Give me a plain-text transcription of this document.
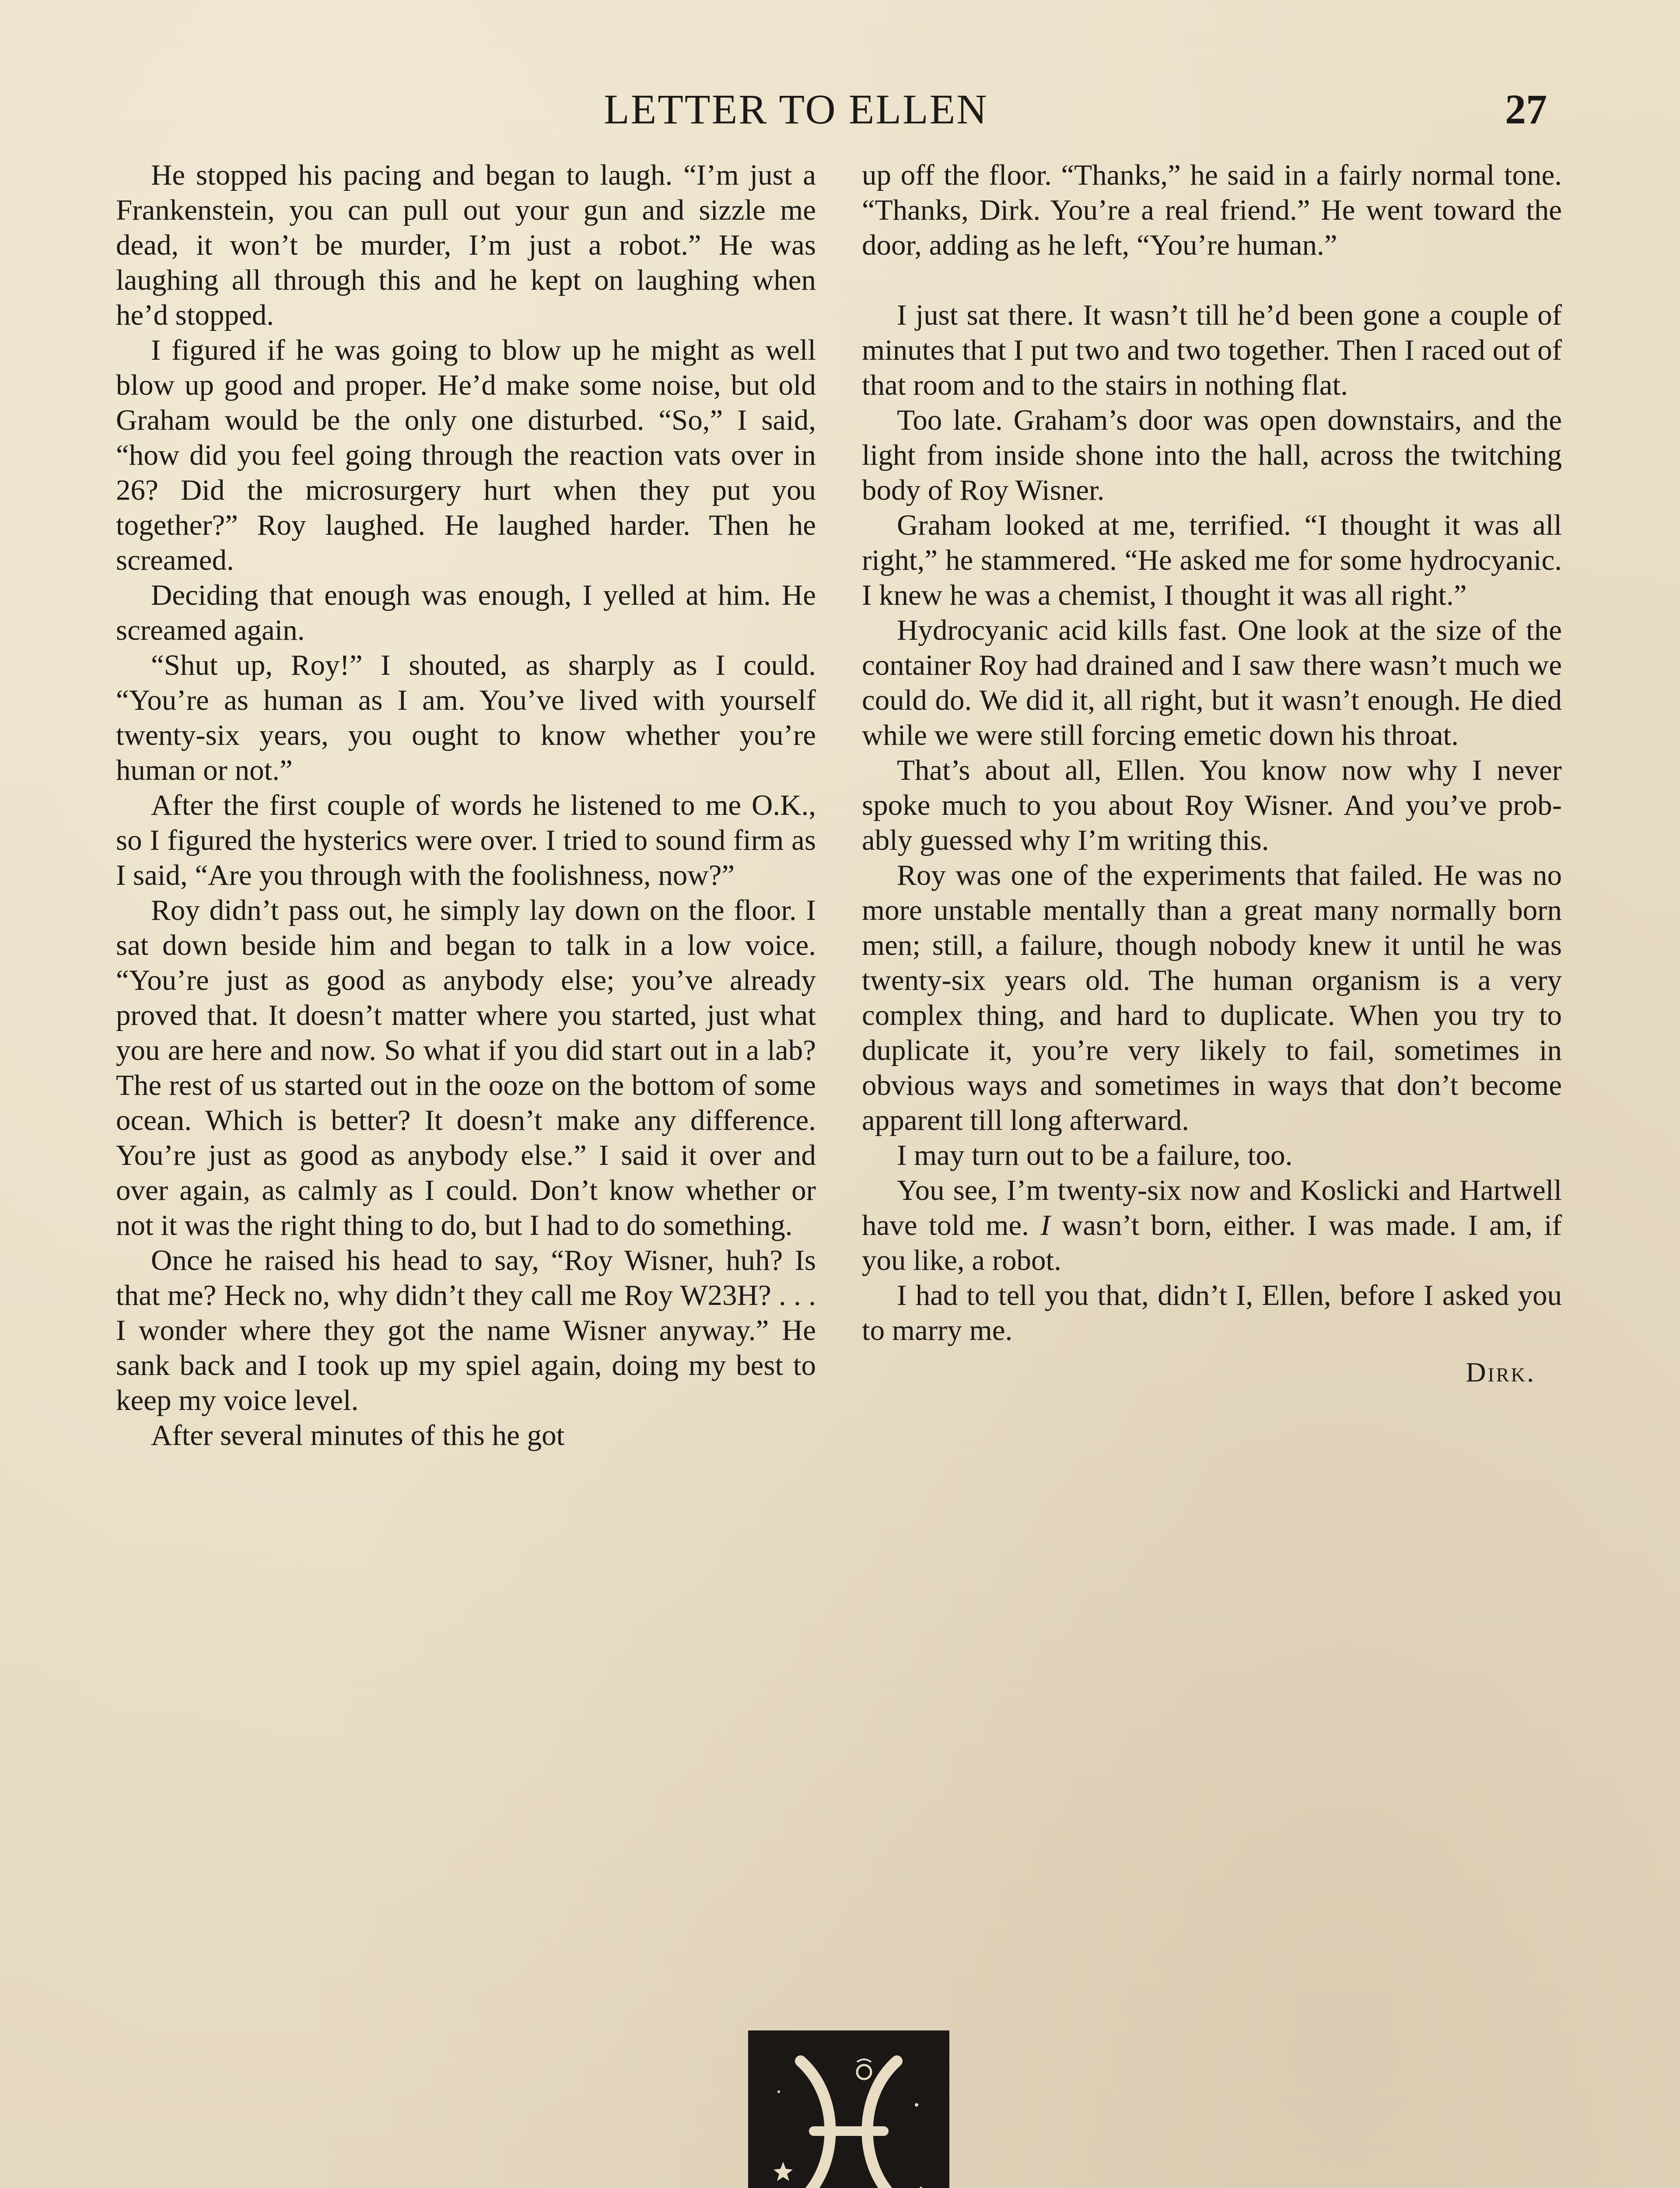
LETTER TO ELLEN	27

He stopped his pacing and began to laugh. “I’m just a Frankenstein, you can pull out your gun and sizzle me dead, it won’t be murder, I’m just a robot.” He was laughing all through this and he kept on laughing when he’d stopped.

I figured if he was going to blow up he might as well blow up good and proper. He’d make some noise, but old Graham would be the only one disturbed. “So,” I said, “how did you feel going through the reaction vats over in 26? Did the microsurgery hurt when they put you together?” Roy laughed. He laughed harder. Then he screamed.

Deciding that enough was enough, I yelled at him. He screamed again.

“Shut up, Roy!” I shouted, as sharply as I could. “You’re as human as I am. You’ve lived with yourself twenty-six years, you ought to know whether you’re human or not.”

After the first couple of words he listened to me O.K., so I figured the hysterics were over. I tried to sound firm as I said, “Are you through with the foolishness, now?”

Roy didn’t pass out, he simply lay down on the floor. I sat down beside him and began to talk in a low voice. “You’re just as good as anybody else; you’ve already proved that. It doesn’t matter where you started, just what you are here and now. So what if you did start out in a lab? The rest of us started out in the ooze on the bottom of some ocean. Which is better? It doesn’t make any difference. You’re just as good as anybody else.” I said it over and over again, as calmly as I could. Don’t know whether or not it was the right thing to do, but I had to do something.

Once he raised his head to say, “Roy Wisner, huh? Is that me? Heck no, why didn’t they call me Roy W23H? . . . I wonder where they got the name Wisner anyway.” He sank back and I took up my spiel again, doing my best to keep my voice level.

After several minutes of this he got

up off the floor. “Thanks,” he said in a fairly normal tone. “Thanks, Dirk. You’re a real friend.” He went toward the door, adding as he left, “You’re human.”

I just sat there. It wasn’t till he’d been gone a couple of minutes that I put two and two together. Then I raced out of that room and to the stairs in nothing flat.

Too late. Graham’s door was open downstairs, and the light from inside shone into the hall, across the twitching body of Roy Wisner.

Graham looked at me, terrified. “I thought it was all right,” he stammered. “He asked me for some hydrocyanic. I knew he was a chemist, I thought it was all right.”

Hydrocyanic acid kills fast. One look at the size of the container Roy had drained and I saw there wasn’t much we could do. We did it, all right, but it wasn’t enough. He died while we were still forcing emetic down his throat.

That’s about all, Ellen. You know now why I never spoke much to you about Roy Wisner. And you’ve probably guessed why I’m writing this.

Roy was one of the experiments that failed. He was no more unstable mentally than a great many normally born men; still, a failure, though nobody knew it until he was twenty-six years old. The human organism is a very complex thing, and hard to duplicate. When you try to duplicate it, you’re very likely to fail, sometimes in obvious ways and sometimes in ways that don’t become apparent till long afterward.

I may turn out to be a failure, too.

You see, I’m twenty-six now and Koslicki and Hartwell have told me. I wasn’t born, either. I was made. I am, if you like, a robot.

I had to tell you that, didn’t I, Ellen, before I asked you to marry me.

Dirk.
